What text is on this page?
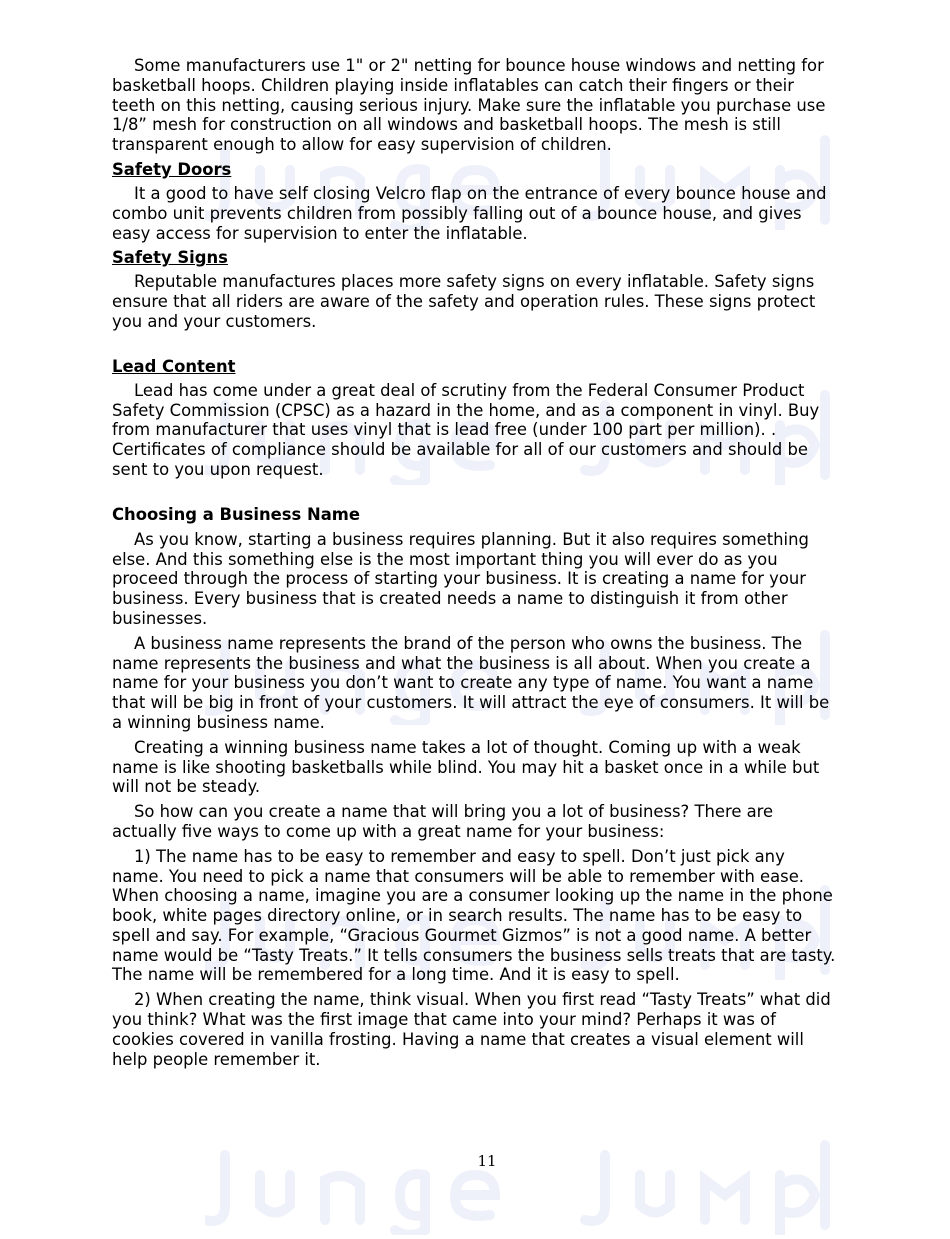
Some manufacturers use 1" or 2" netting for bounce house windows and netting for basketball hoops. Children playing inside inflatables can catch their fingers or their teeth on this netting, causing serious injury. Make sure the inflatable you purchase use 1/8” mesh for construction on all windows and basketball hoops. The mesh is still transparent enough to allow for easy supervision of children.

Safety Doors

It a good to have self closing Velcro flap on the entrance of every bounce house and combo unit prevents children from possibly falling out of a bounce house, and gives easy access for supervision to enter the inflatable.

Safety Signs

Reputable manufactures places more safety signs on every inflatable. Safety signs ensure that all riders are aware of the safety and operation rules. These signs protect you and your customers.

Lead Content

Lead has come under a great deal of scrutiny from the Federal Consumer Product Safety Commission (CPSC) as a hazard in the home, and as a component in vinyl. Buy from manufacturer that uses vinyl that is lead free (under 100 part per million). . Certificates of compliance should be available for all of our customers and should be sent to you upon request.

Choosing a Business Name

As you know, starting a business requires planning. But it also requires something else. And this something else is the most important thing you will ever do as you proceed through the process of starting your business. It is creating a name for your business. Every business that is created needs a name to distinguish it from other businesses.

A business name represents the brand of the person who owns the business. The name represents the business and what the business is all about. When you create a name for your business you don’t want to create any type of name. You want a name that will be big in front of your customers. It will attract the eye of consumers. It will be a winning business name.

Creating a winning business name takes a lot of thought. Coming up with a weak name is like shooting basketballs while blind. You may hit a basket once in a while but will not be steady.

So how can you create a name that will bring you a lot of business? There are actually five ways to come up with a great name for your business:

1) The name has to be easy to remember and easy to spell. Don’t just pick any name. You need to pick a name that consumers will be able to remember with ease. When choosing a name, imagine you are a consumer looking up the name in the phone book, white pages directory online, or in search results. The name has to be easy to spell and say. For example, “Gracious Gourmet Gizmos” is not a good name. A better name would be “Tasty Treats.” It tells consumers the business sells treats that are tasty. The name will be remembered for a long time. And it is easy to spell.

2) When creating the name, think visual. When you first read “Tasty Treats” what did you think? What was the first image that came into your mind? Perhaps it was of cookies covered in vanilla frosting. Having a name that creates a visual element will help people remember it.

11
